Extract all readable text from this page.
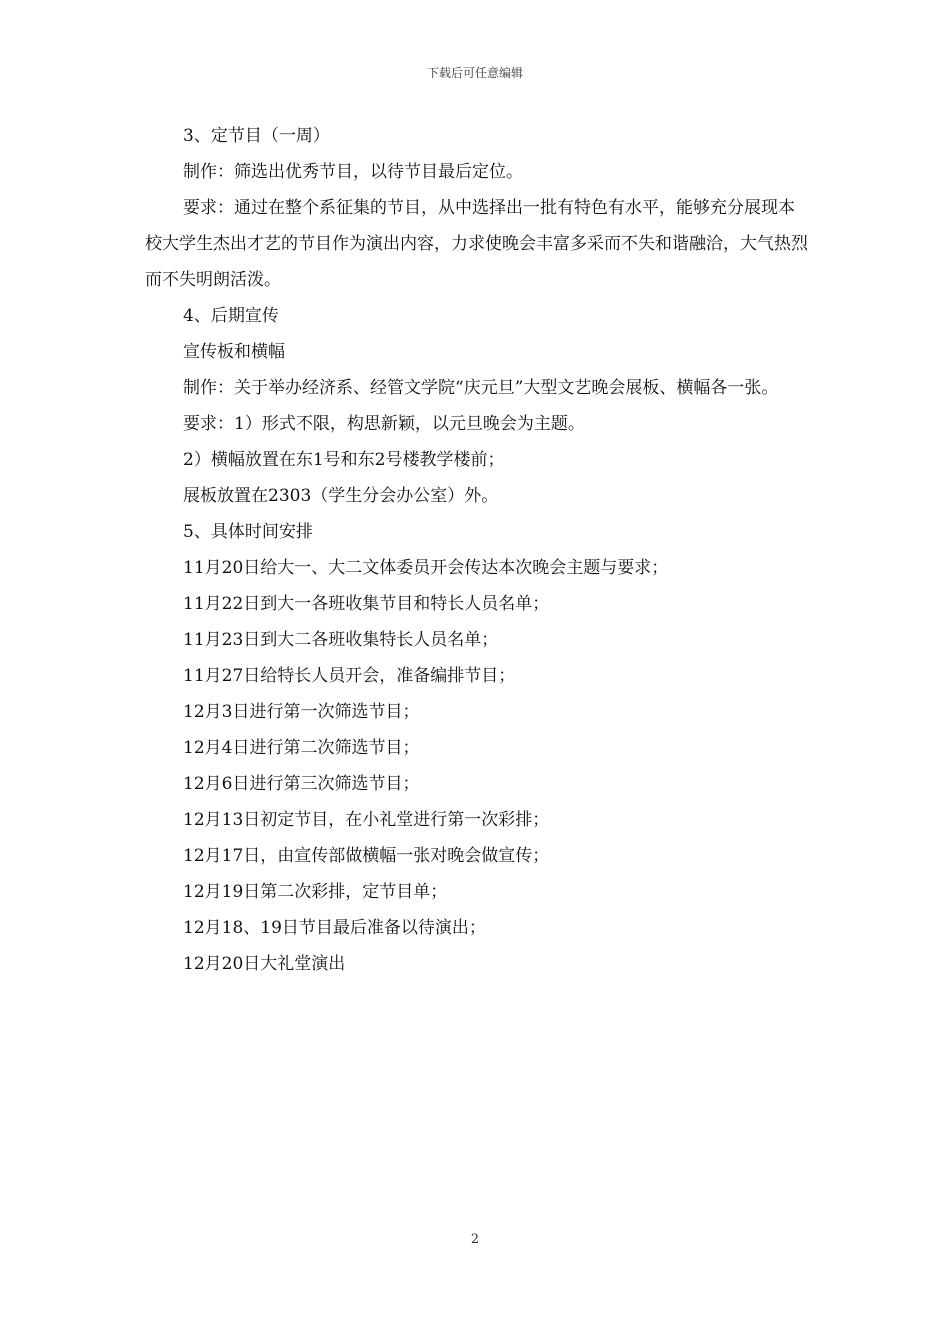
下载后可任意编辑

3、定节目（一周）

制作：筛选出优秀节目，以待节目最后定位。

要求：通过在整个系征集的节目，从中选择出一批有特色有水平，能够充分展现本校大学生杰出才艺的节目作为演出内容，力求使晚会丰富多采而不失和谐融洽，大气热烈而不失明朗活泼。

4、后期宣传

宣传板和横幅

制作：关于举办经济系、经管文学院“庆元旦”大型文艺晚会展板、横幅各一张。

要求：1）形式不限，构思新颖，以元旦晚会为主题。

2）横幅放置在东1号和东2号楼教学楼前；

展板放置在2303（学生分会办公室）外。

5、具体时间安排

11月20日给大一、大二文体委员开会传达本次晚会主题与要求；

11月22日到大一各班收集节目和特长人员名单；

11月23日到大二各班收集特长人员名单；

11月27日给特长人员开会，准备编排节目；

12月3日进行第一次筛选节目；

12月4日进行第二次筛选节目；

12月6日进行第三次筛选节目；

12月13日初定节目，在小礼堂进行第一次彩排；

12月17日，由宣传部做横幅一张对晚会做宣传；

12月19日第二次彩排，定节目单；

12月18、19日节目最后准备以待演出；

12月20日大礼堂演出

2
